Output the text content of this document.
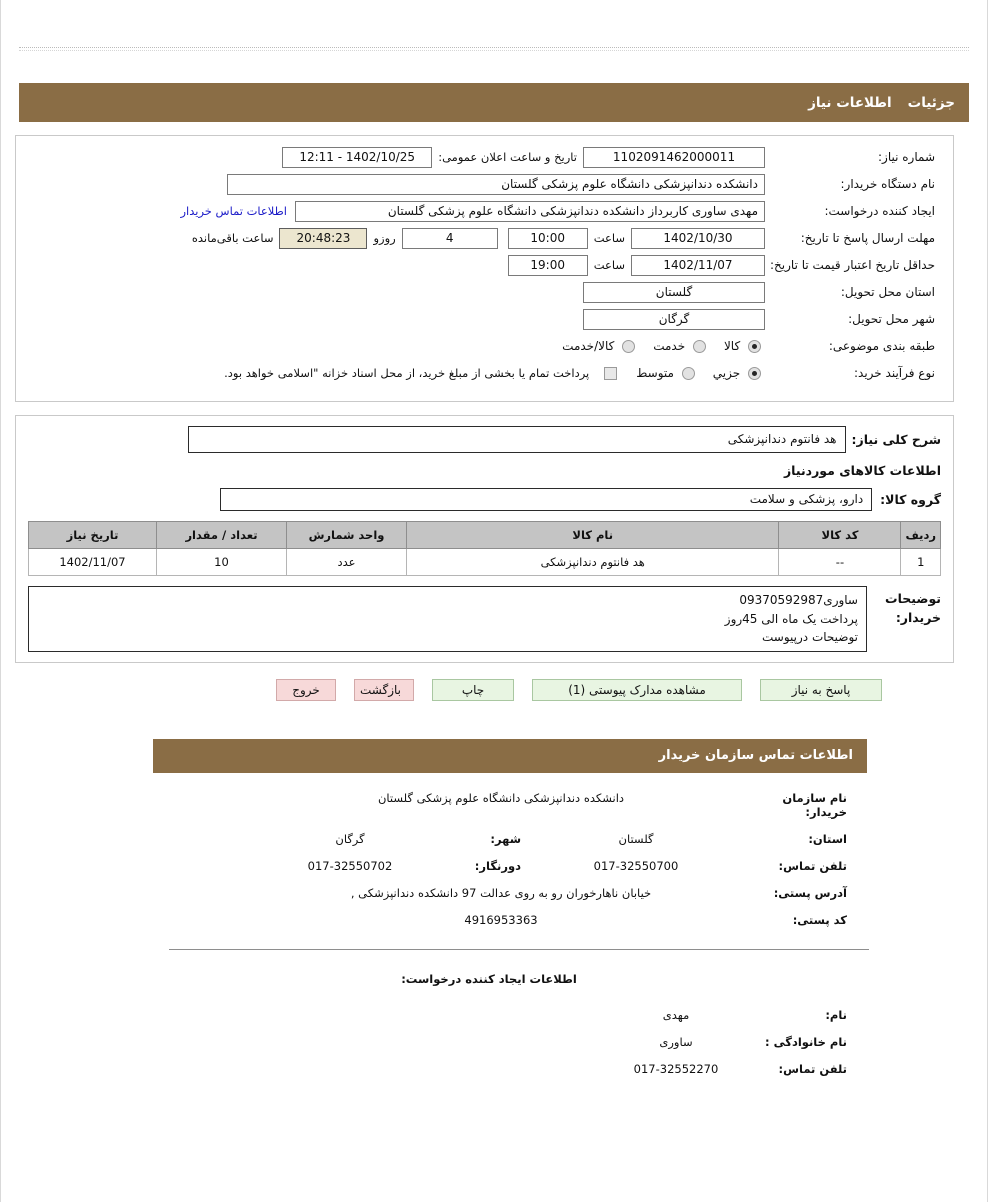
جزئیات
اطلاعات نیاز
شماره نیاز:
1102091462000011
تاریخ و ساعت اعلان عمومی:
1402/10/25 - 12:11
نام دستگاه خریدار:
دانشکده دندانپزشکی دانشگاه علوم پزشکی گلستان
ایجاد کننده درخواست:
مهدی ساوری کاربرداز دانشکده دندانپزشکی دانشگاه علوم پزشکی گلستان
اطلاعات تماس خریدار
مهلت ارسال پاسخ تا تاریخ:
1402/10/30
ساعت
10:00
4
روزو
20:48:23
ساعت باقی‌مانده
حداقل تاریخ اعتبار قیمت تا تاریخ:
1402/11/07
ساعت
19:00
استان محل تحویل:
گلستان
شهر محل تحویل:
گرگان
طبقه بندی موضوعی:
کالا
خدمت
کالا/خدمت
نوع فرآیند خرید:
جزيي
متوسط
پرداخت تمام یا بخشی از مبلغ خرید، از محل اسناد خزانه "اسلامی خواهد بود.
شرح کلی نیاز:
هد فانتوم دندانپزشکی
اطلاعات کالاهای موردنیاز
گروه کالا:
دارو، پزشکی و سلامت
ردیف	کد کالا	نام کالا	واحد شمارش	تعداد / مقدار	تاریخ نیاز
1	--	هد فانتوم دندانپزشکی	عدد	10	1402/11/07
توضیحات خریدار:
ساوری09370592987
پرداخت یک ماه الی 45روز
توضیحات درپیوست
پاسخ به نیاز
مشاهده مدارک پیوستی (1)
چاپ
بازگشت
خروج
اطلاعات تماس سازمان خریدار
نام سازمان خریدار:
دانشکده دندانپزشکی دانشگاه علوم پزشکی گلستان
استان:
گلستان
شهر:
گرگان
تلفن تماس:
017-32550700
دورنگار:
017-32550702
آدرس پستی:
خیابان ناهارخوران رو به روی عدالت 97 دانشکده دندانپزشکی ,
کد پستی:
4916953363
اطلاعات ایجاد کننده درخواست:
نام:
مهدی
نام خانوادگی :
ساوری
تلفن تماس:
017-32552270
